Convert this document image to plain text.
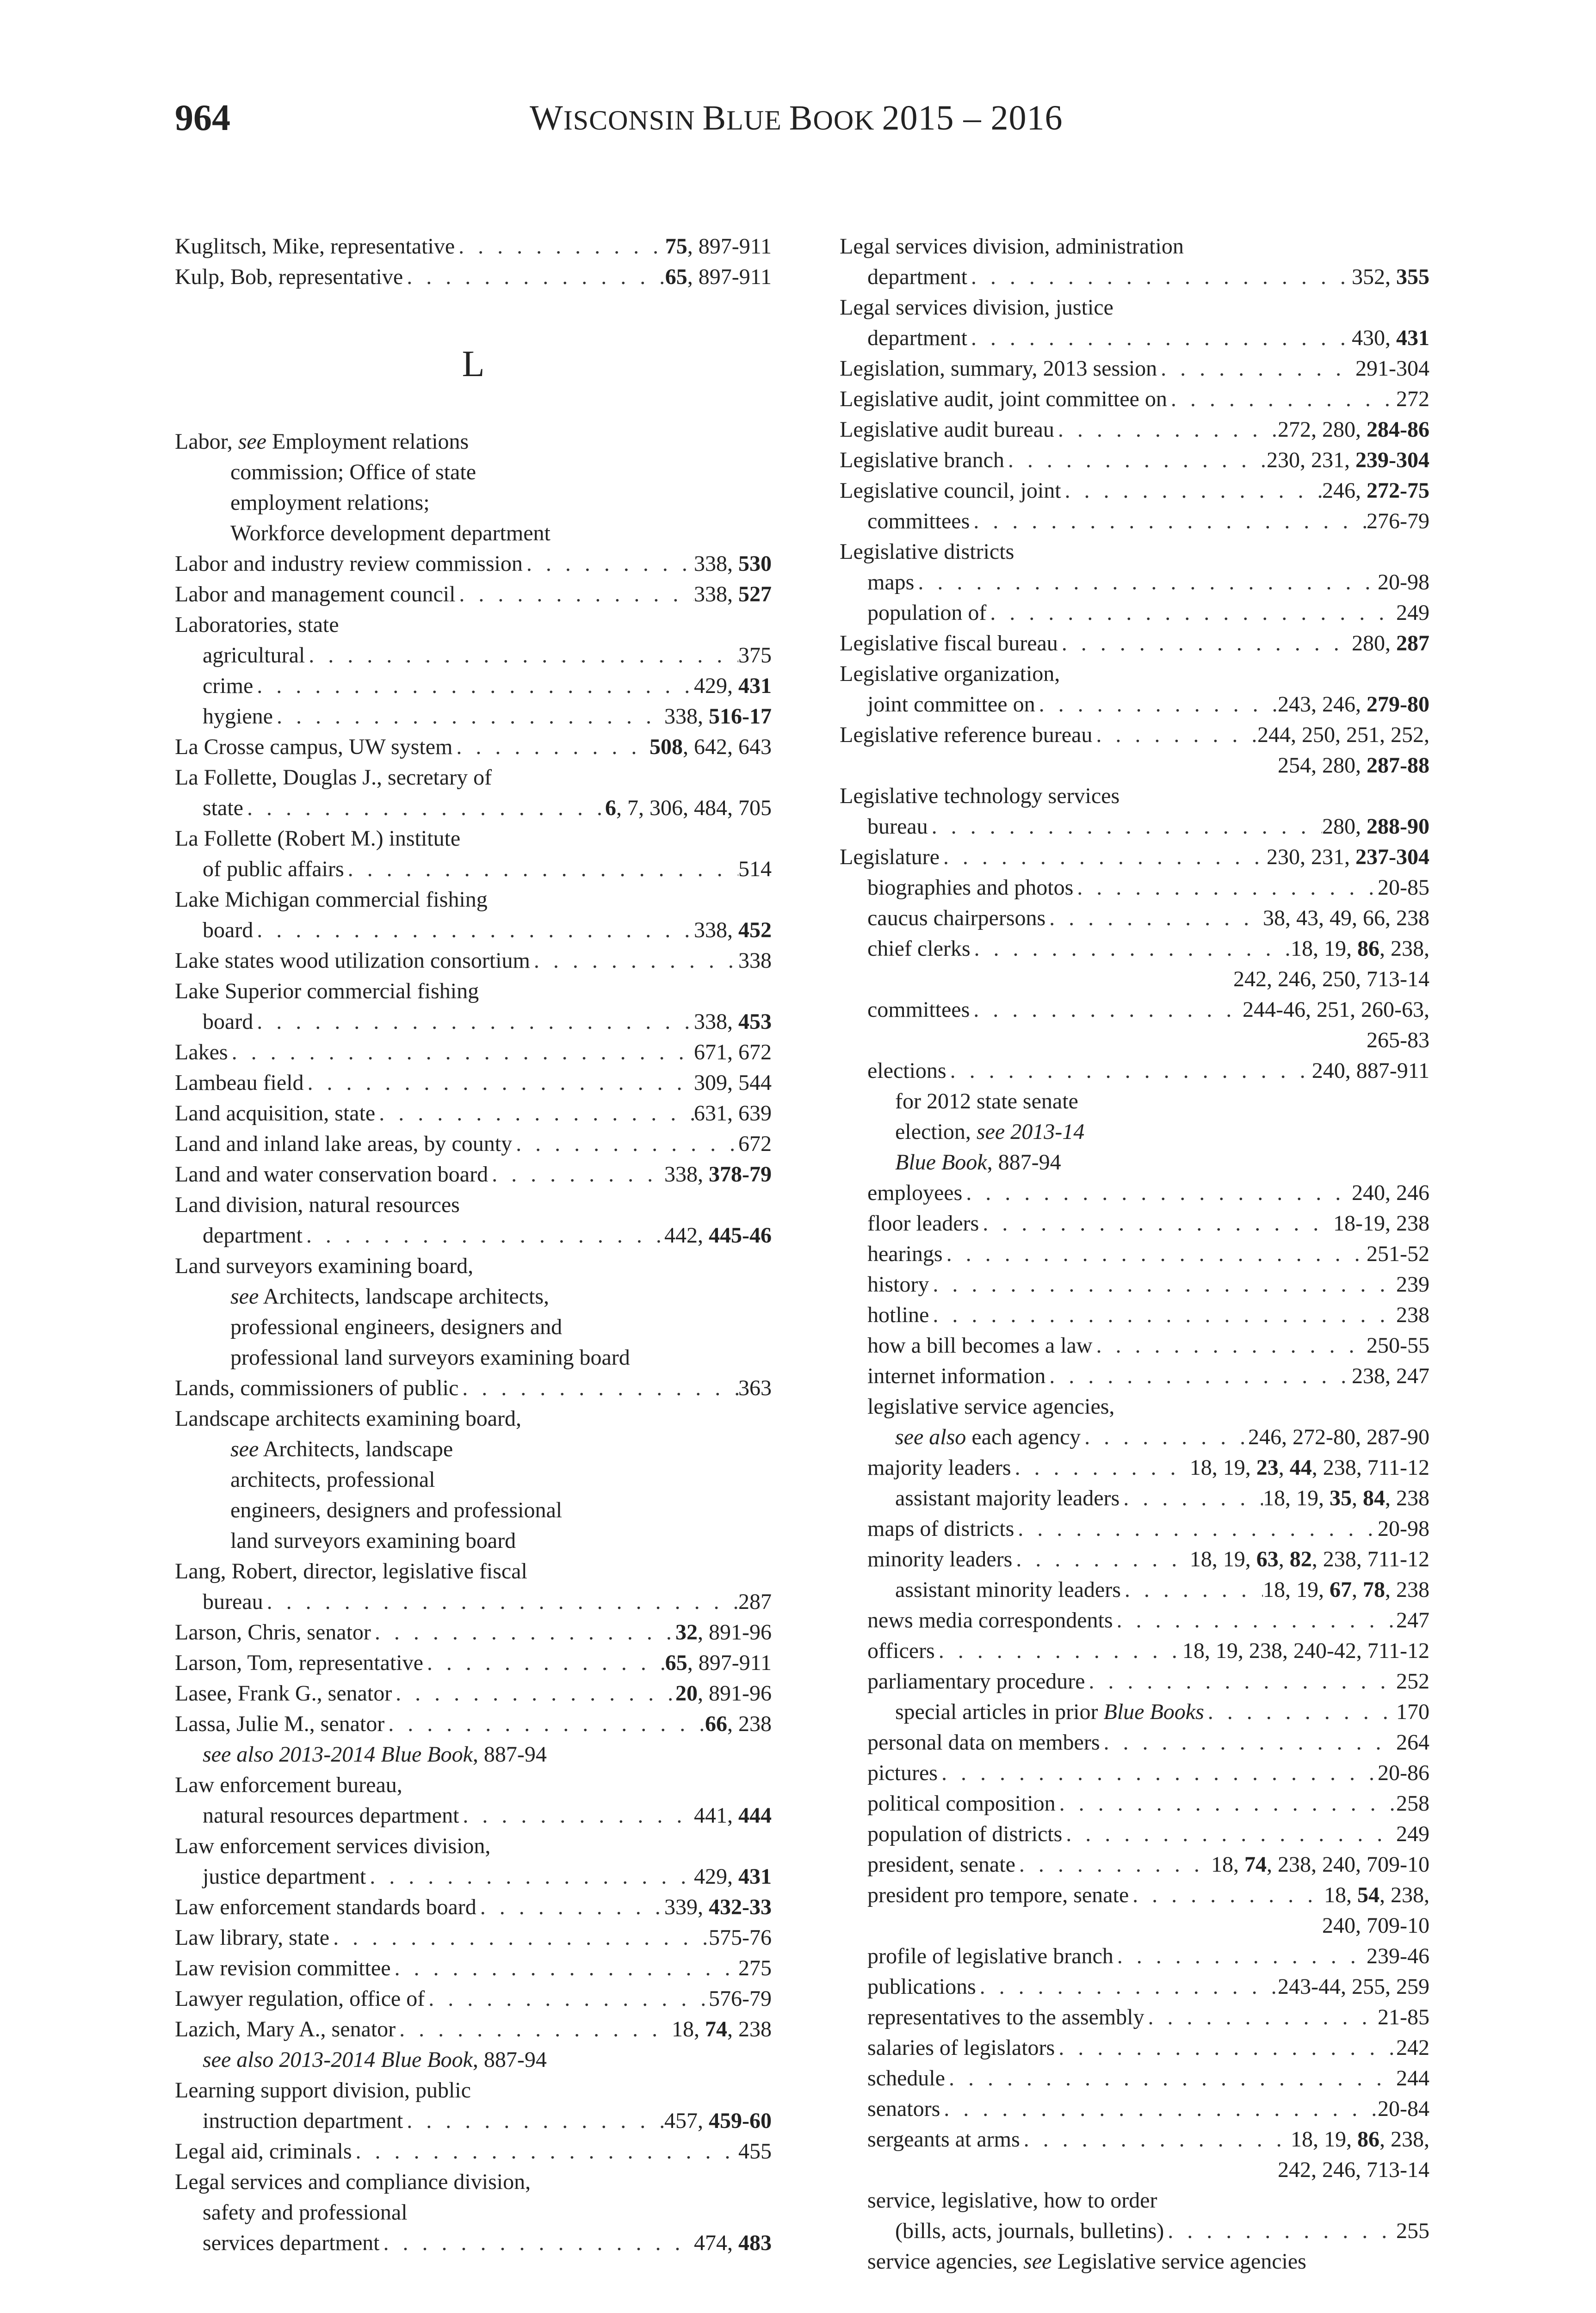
964	WISCONSIN BLUE BOOK 2015 – 2016
Kuglitsch, Mike, representative . . .	75, 897-911
Kulp, Bob, representative . . .	65, 897-911
L
Labor, see Employment relations
commission; Office of state
employment relations;
Workforce development department
Labor and industry review commission . . .	338, 530
Labor and management council . . .	338, 527
Laboratories, state
agricultural . . .	375
crime . . .	429, 431
hygiene . . .	338, 516-17
La Crosse campus, UW system . . .	508, 642, 643
La Follette, Douglas J., secretary of
state . . .	6, 7, 306, 484, 705
La Follette (Robert M.) institute
of public affairs . . .	514
Lake Michigan commercial fishing
board . . .	338, 452
Lake states wood utilization consortium . . .	338
Lake Superior commercial fishing
board . . .	338, 453
Lakes . . .	671, 672
Lambeau field . . .	309, 544
Land acquisition, state . . .	631, 639
Land and inland lake areas, by county . . .	672
Land and water conservation board . . .	338, 378-79
Land division, natural resources
department . . .	442, 445-46
Land surveyors examining board,
see Architects, landscape architects,
professional engineers, designers and
professional land surveyors examining board
Lands, commissioners of public . . .	363
Landscape architects examining board,
see Architects, landscape
architects, professional
engineers, designers and professional
land surveyors examining board
Lang, Robert, director, legislative fiscal
bureau . . .	287
Larson, Chris, senator . . .	32, 891-96
Larson, Tom, representative . . .	65, 897-911
Lasee, Frank G., senator . . .	20, 891-96
Lassa, Julie M., senator . . .	66, 238
see also 2013-2014 Blue Book, 887-94
Law enforcement bureau,
natural resources department . . .	441, 444
Law enforcement services division,
justice department . . .	429, 431
Law enforcement standards board . . .	339, 432-33
Law library, state . . .	575-76
Law revision committee . . .	275
Lawyer regulation, office of . . .	576-79
Lazich, Mary A., senator . . .	18, 74, 238
see also 2013-2014 Blue Book, 887-94
Learning support division, public
instruction department . . .	457, 459-60
Legal aid, criminals . . .	455
Legal services and compliance division,
safety and professional
services department . . .	474, 483
Legal services division, administration
department . . .	352, 355
Legal services division, justice
department . . .	430, 431
Legislation, summary, 2013 session . . .	291-304
Legislative audit, joint committee on . . .	272
Legislative audit bureau . . .	272, 280, 284-86
Legislative branch . . .	230, 231, 239-304
Legislative council, joint . . .	246, 272-75
committees . . .	276-79
Legislative districts
maps . . .	20-98
population of . . .	249
Legislative fiscal bureau . . .	280, 287
Legislative organization,
joint committee on . . .	243, 246, 279-80
Legislative reference bureau . . .	244, 250, 251, 252,
254, 280, 287-88
Legislative technology services
bureau . . .	280, 288-90
Legislature . . .	230, 231, 237-304
biographies and photos . . .	20-85
caucus chairpersons . . .	38, 43, 49, 66, 238
chief clerks . . .	18, 19, 86, 238,
242, 246, 250, 713-14
committees . . .	244-46, 251, 260-63,
265-83
elections . . .	240, 887-911
for 2012 state senate
election, see 2013-14
Blue Book, 887-94
employees . . .	240, 246
floor leaders . . .	18-19, 238
hearings . . .	251-52
history . . .	239
hotline . . .	238
how a bill becomes a law . . .	250-55
internet information . . .	238, 247
legislative service agencies,
see also each agency . . .	246, 272-80, 287-90
majority leaders . . .	18, 19, 23, 44, 238, 711-12
assistant majority leaders . . .	18, 19, 35, 84, 238
maps of districts . . .	20-98
minority leaders . . .	18, 19, 63, 82, 238, 711-12
assistant minority leaders . . .	18, 19, 67, 78, 238
news media correspondents . . .	247
officers . . .	18, 19, 238, 240-42, 711-12
parliamentary procedure . . .	252
special articles in prior Blue Books . . .	170
personal data on members . . .	264
pictures . . .	20-86
political composition . . .	258
population of districts . . .	249
president, senate . . .	18, 74, 238, 240, 709-10
president pro tempore, senate . . .	18, 54, 238,
240, 709-10
profile of legislative branch . . .	239-46
publications . . .	243-44, 255, 259
representatives to the assembly . . .	21-85
salaries of legislators . . .	242
schedule . . .	244
senators . . .	20-84
sergeants at arms . . .	18, 19, 86, 238,
242, 246, 713-14
service, legislative, how to order
(bills, acts, journals, bulletins) . . .	255
service agencies, see Legislative service agencies
